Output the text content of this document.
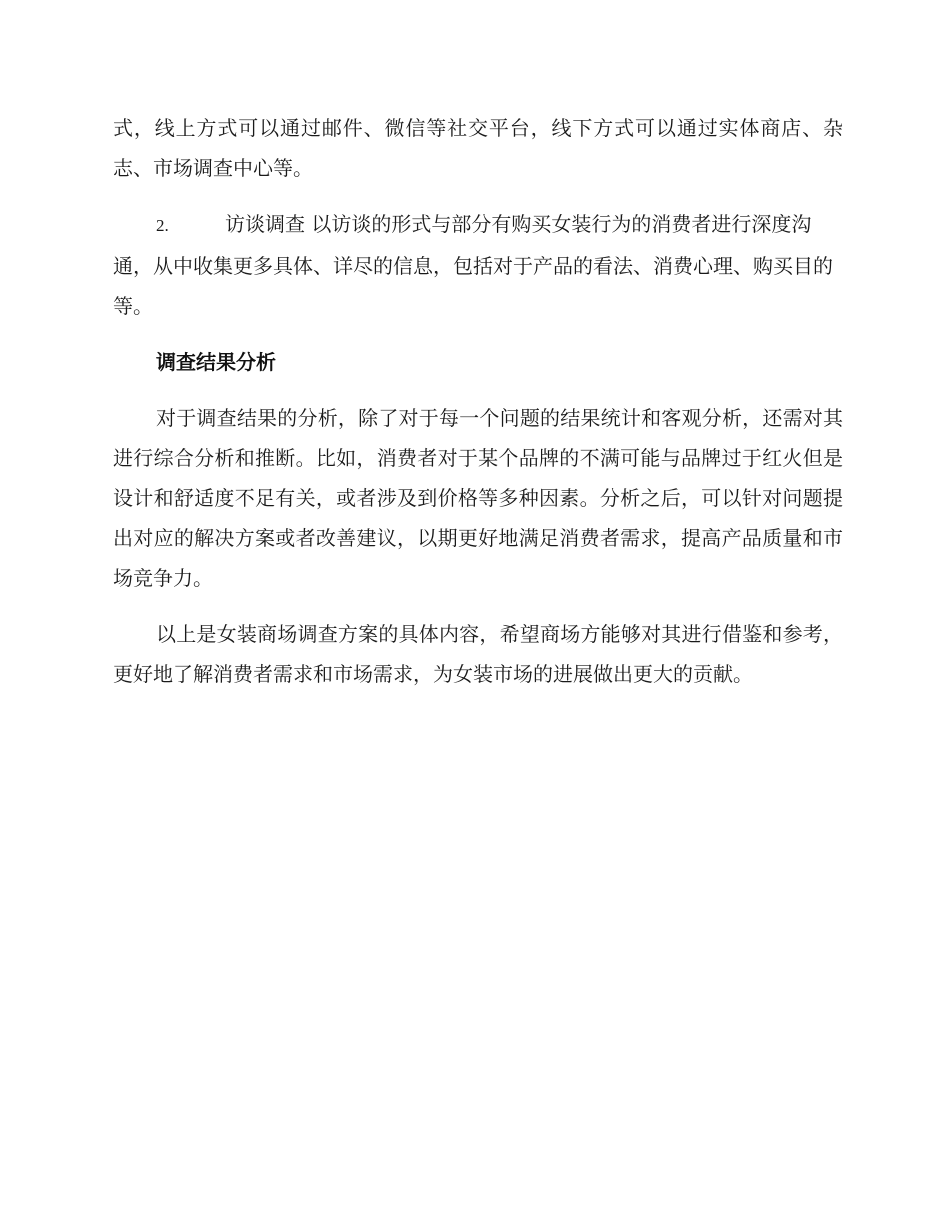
式，线上方式可以通过邮件、微信等社交平台，线下方式可以通过实体商店、杂志、市场调查中心等。

2.	访谈调查 以访谈的形式与部分有购买女装行为的消费者进行深度沟通，从中收集更多具体、详尽的信息，包括对于产品的看法、消费心理、购买目的等。

调查结果分析

对于调查结果的分析，除了对于每一个问题的结果统计和客观分析，还需对其进行综合分析和推断。比如，消费者对于某个品牌的不满可能与品牌过于红火但是设计和舒适度不足有关，或者涉及到价格等多种因素。分析之后，可以针对问题提出对应的解决方案或者改善建议，以期更好地满足消费者需求，提高产品质量和市场竞争力。

以上是女装商场调查方案的具体内容，希望商场方能够对其进行借鉴和参考，更好地了解消费者需求和市场需求，为女装市场的进展做出更大的贡献。
